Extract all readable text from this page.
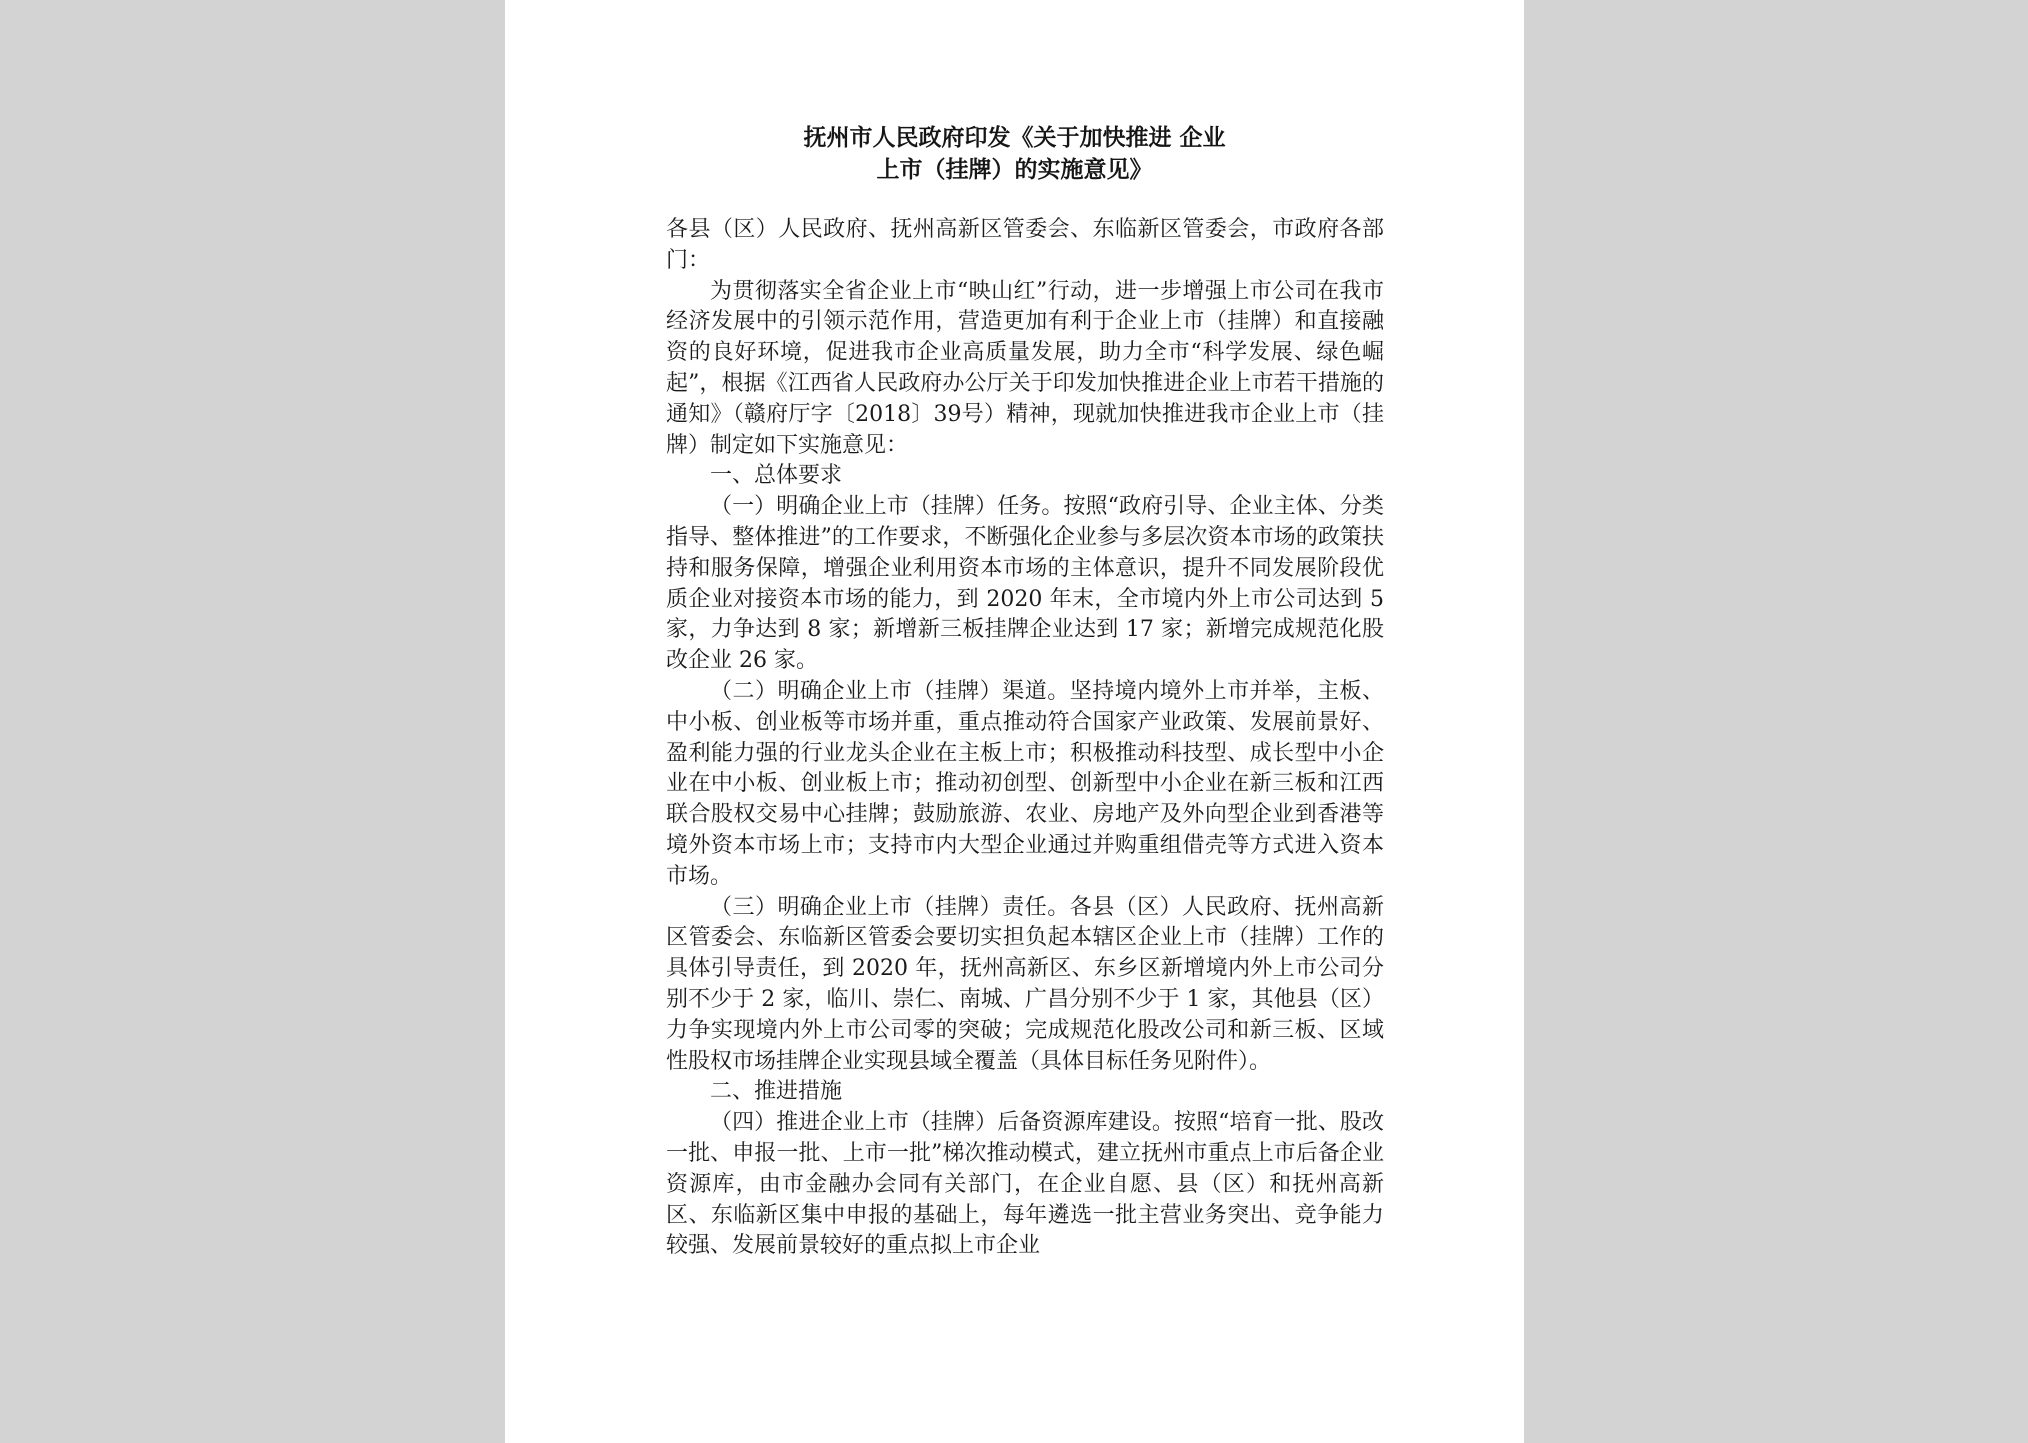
抚州市人民政府印发《关于加快推进 企业
上市（挂牌）的实施意见》

各县（区）人民政府、抚州高新区管委会、东临新区管委会，市政府各部门：

为贯彻落实全省企业上市“映山红”行动，进一步增强上市公司在我市经济发展中的引领示范作用，营造更加有利于企业上市（挂牌）和直接融资的良好环境，促进我市企业高质量发展，助力全市“科学发展、绿色崛起”，根据《江西省人民政府办公厅关于印发加快推进企业上市若干措施的通知》（赣府厅字〔2018〕39号）精神，现就加快推进我市企业上市（挂牌）制定如下实施意见：

一、总体要求

（一）明确企业上市（挂牌）任务。按照“政府引导、企业主体、分类指导、整体推进”的工作要求，不断强化企业参与多层次资本市场的政策扶持和服务保障，增强企业利用资本市场的主体意识，提升不同发展阶段优质企业对接资本市场的能力，到 2020 年末，全市境内外上市公司达到 5 家，力争达到 8 家；新增新三板挂牌企业达到 17 家；新增完成规范化股改企业 26 家。

（二）明确企业上市（挂牌）渠道。坚持境内境外上市并举，主板、中小板、创业板等市场并重，重点推动符合国家产业政策、发展前景好、盈利能力强的行业龙头企业在主板上市；积极推动科技型、成长型中小企业在中小板、创业板上市；推动初创型、创新型中小企业在新三板和江西联合股权交易中心挂牌；鼓励旅游、农业、房地产及外向型企业到香港等境外资本市场上市；支持市内大型企业通过并购重组借壳等方式进入资本市场。

（三）明确企业上市（挂牌）责任。各县（区）人民政府、抚州高新区管委会、东临新区管委会要切实担负起本辖区企业上市（挂牌）工作的具体引导责任，到 2020 年，抚州高新区、东乡区新增境内外上市公司分别不少于 2 家，临川、崇仁、南城、广昌分别不少于 1 家，其他县（区）力争实现境内外上市公司零的突破；完成规范化股改公司和新三板、区域性股权市场挂牌企业实现县域全覆盖（具体目标任务见附件）。

二、推进措施

（四）推进企业上市（挂牌）后备资源库建设。按照“培育一批、股改一批、申报一批、上市一批”梯次推动模式，建立抚州市重点上市后备企业资源库，由市金融办会同有关部门，在企业自愿、县（区）和抚州高新区、东临新区集中申报的基础上，每年遴选一批主营业务突出、竞争能力较强、发展前景较好的重点拟上市企业
